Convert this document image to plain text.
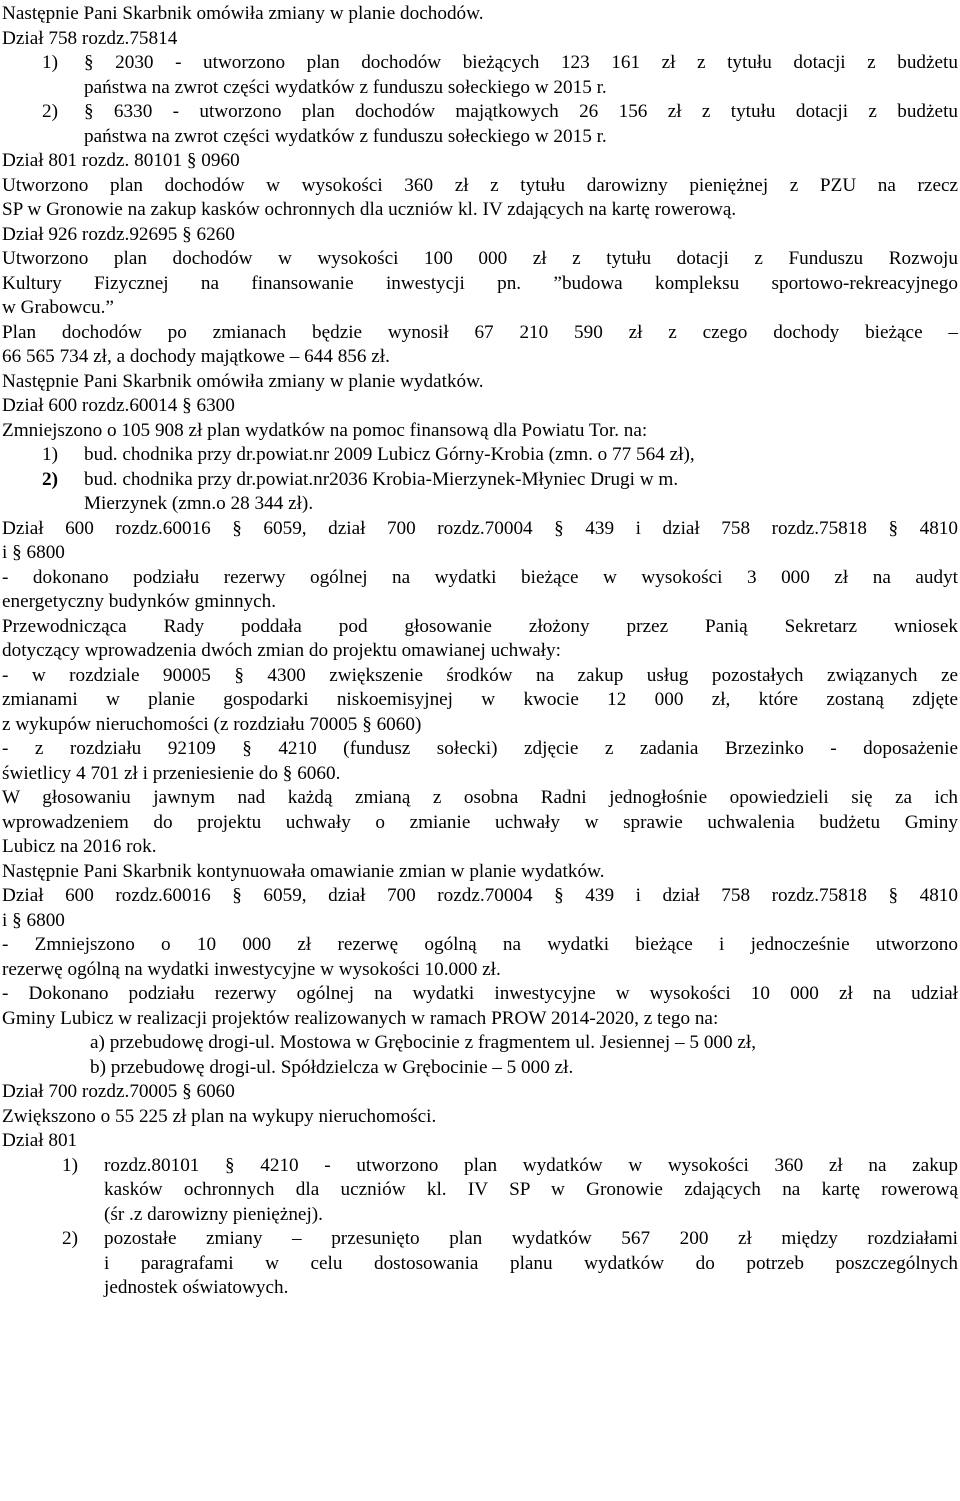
Następnie Pani Skarbnik omówiła zmiany w planie dochodów.

Dział 758 rozdz.75814

1) § 2030 - utworzono plan dochodów bieżących 123 161 zł z tytułu dotacji z budżetu

państwa na zwrot części wydatków z funduszu sołeckiego w 2015 r.

2) § 6330 - utworzono plan dochodów majątkowych 26 156 zł z tytułu dotacji z budżetu

państwa na zwrot części wydatków z funduszu sołeckiego w 2015 r.

Dział 801 rozdz. 80101 § 0960

Utworzono plan dochodów w wysokości 360 zł z tytułu darowizny pieniężnej z PZU na rzecz

SP w Gronowie na zakup kasków ochronnych dla uczniów kl. IV zdających na kartę rowerową.

Dział 926 rozdz.92695 § 6260

Utworzono plan dochodów w wysokości 100 000 zł z tytułu dotacji z Funduszu Rozwoju

Kultury Fizycznej na finansowanie inwestycji pn. ”budowa kompleksu sportowo-rekreacyjnego

w Grabowcu.”

Plan dochodów po zmianach będzie wynosił 67 210 590 zł z czego dochody bieżące –

66 565 734 zł, a dochody majątkowe – 644 856 zł.

Następnie Pani Skarbnik omówiła zmiany w planie wydatków.

Dział 600 rozdz.60014 § 6300

Zmniejszono o 105 908 zł plan wydatków na pomoc finansową dla Powiatu Tor. na:

1) bud. chodnika przy dr.powiat.nr 2009 Lubicz Górny-Krobia (zmn. o 77 564 zł),

2) bud. chodnika przy dr.powiat.nr2036 Krobia-Mierzynek-Młyniec Drugi w m.

Mierzynek (zmn.o 28 344 zł).

Dział 600 rozdz.60016 § 6059, dział 700 rozdz.70004 § 439 i dział 758 rozdz.75818 § 4810

i § 6800

- dokonano podziału rezerwy ogólnej na wydatki bieżące w wysokości 3 000 zł na audyt

energetyczny budynków gminnych.

Przewodnicząca Rady poddała pod głosowanie złożony przez Panią Sekretarz wniosek

dotyczący wprowadzenia dwóch zmian do projektu omawianej uchwały:

- w rozdziale 90005 § 4300 zwiększenie środków na zakup usług pozostałych związanych ze

zmianami w planie gospodarki niskoemisyjnej w kwocie 12 000 zł, które zostaną zdjęte

z wykupów nieruchomości (z rozdziału 70005 § 6060)

- z rozdziału 92109 § 4210 (fundusz sołecki) zdjęcie z zadania Brzezinko - doposażenie

świetlicy 4 701 zł i przeniesienie do § 6060.

W głosowaniu jawnym nad każdą zmianą z osobna Radni jednogłośnie opowiedzieli się za ich

wprowadzeniem do projektu uchwały o zmianie uchwały w sprawie uchwalenia budżetu Gminy

Lubicz na 2016 rok.

Następnie Pani Skarbnik kontynuowała omawianie zmian w planie wydatków.

Dział 600 rozdz.60016 § 6059, dział 700 rozdz.70004 § 439 i dział 758 rozdz.75818 § 4810

i § 6800

- Zmniejszono o 10 000 zł rezerwę ogólną na wydatki bieżące i jednocześnie utworzono

rezerwę ogólną na wydatki inwestycyjne w wysokości 10.000 zł.

- Dokonano podziału rezerwy ogólnej na wydatki inwestycyjne w wysokości 10 000 zł na udział

Gminy Lubicz w realizacji projektów realizowanych w ramach PROW 2014-2020, z tego na:

a) przebudowę drogi-ul. Mostowa w Grębocinie z fragmentem ul. Jesiennej – 5 000 zł,

b) przebudowę drogi-ul. Spółdzielcza w Grębocinie – 5 000 zł.

Dział 700 rozdz.70005 § 6060

Zwiększono o 55 225 zł plan na wykupy nieruchomości.

Dział 801

1) rozdz.80101 § 4210 - utworzono plan wydatków w wysokości 360 zł na zakup

kasków ochronnych dla uczniów kl. IV SP w Gronowie zdających na kartę rowerową

(śr .z darowizny pieniężnej).

2) pozostałe zmiany – przesunięto plan wydatków 567 200 zł między rozdziałami

i paragrafami w celu dostosowania planu wydatków do potrzeb poszczególnych

jednostek oświatowych.
